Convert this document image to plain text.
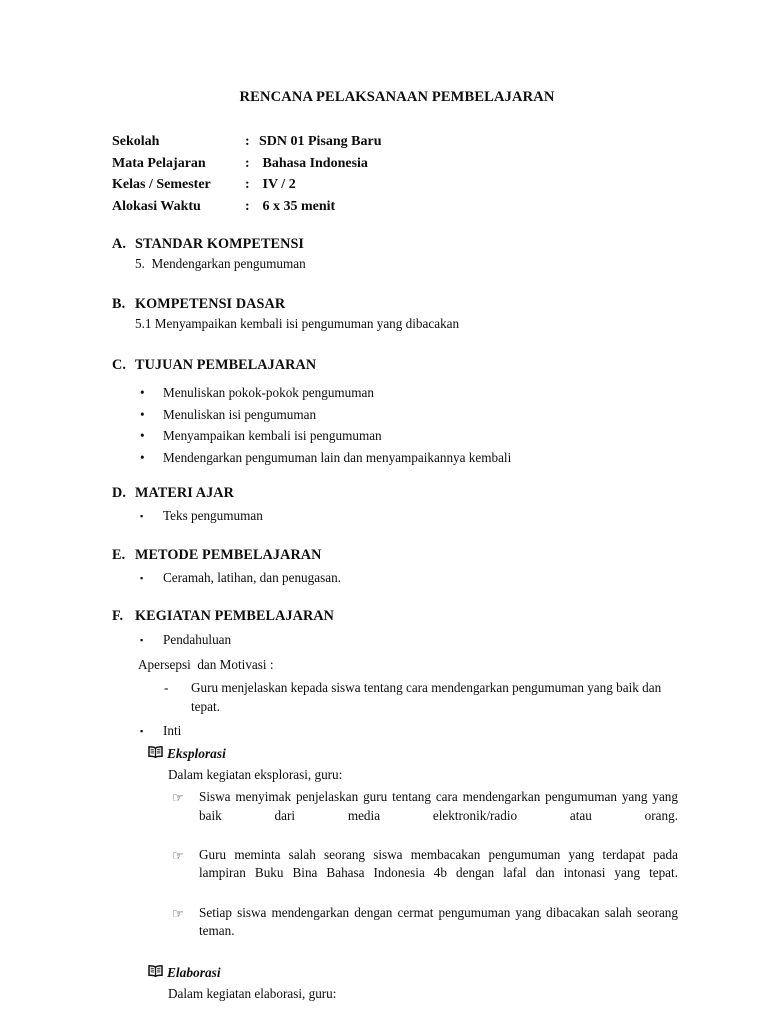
RENCANA PELAKSANAAN PEMBELAJARAN
Sekolah	: SDN 01 Pisang Baru
Mata Pelajaran	: Bahasa Indonesia
Kelas / Semester	: IV / 2
Alokasi Waktu	: 6 x 35 menit
A. STANDAR KOMPETENSI
5.  Mendengarkan pengumuman
B. KOMPETENSI DASAR
5.1 Menyampaikan kembali isi pengumuman yang dibacakan
C. TUJUAN PEMBELAJARAN
•	Menuliskan pokok-pokok pengumuman
•	Menuliskan isi pengumuman
•	Menyampaikan kembali isi pengumuman
•	Mendengarkan pengumuman lain dan menyampaikannya kembali
D. MATERI AJAR
▪	Teks pengumuman
E. METODE PEMBELAJARAN
▪	Ceramah, latihan, dan penugasan.
F. KEGIATAN PEMBELAJARAN
▪	Pendahuluan
Apersepsi  dan Motivasi :
-	Guru menjelaskan kepada siswa tentang cara mendengarkan pengumuman yang baik dan tepat.
▪	Inti
Eksplorasi
Dalam kegiatan eksplorasi, guru:
☞	Siswa menyimak penjelaskan guru tentang cara mendengarkan pengumuman yang yang baik dari media elektronik/radio atau orang.
☞	Guru meminta salah seorang siswa membacakan pengumuman yang terdapat pada lampiran Buku Bina Bahasa Indonesia 4b dengan lafal dan intonasi yang tepat.
☞	Setiap siswa mendengarkan dengan cermat pengumuman yang dibacakan salah seorang teman.
Elaborasi
Dalam kegiatan elaborasi, guru:
